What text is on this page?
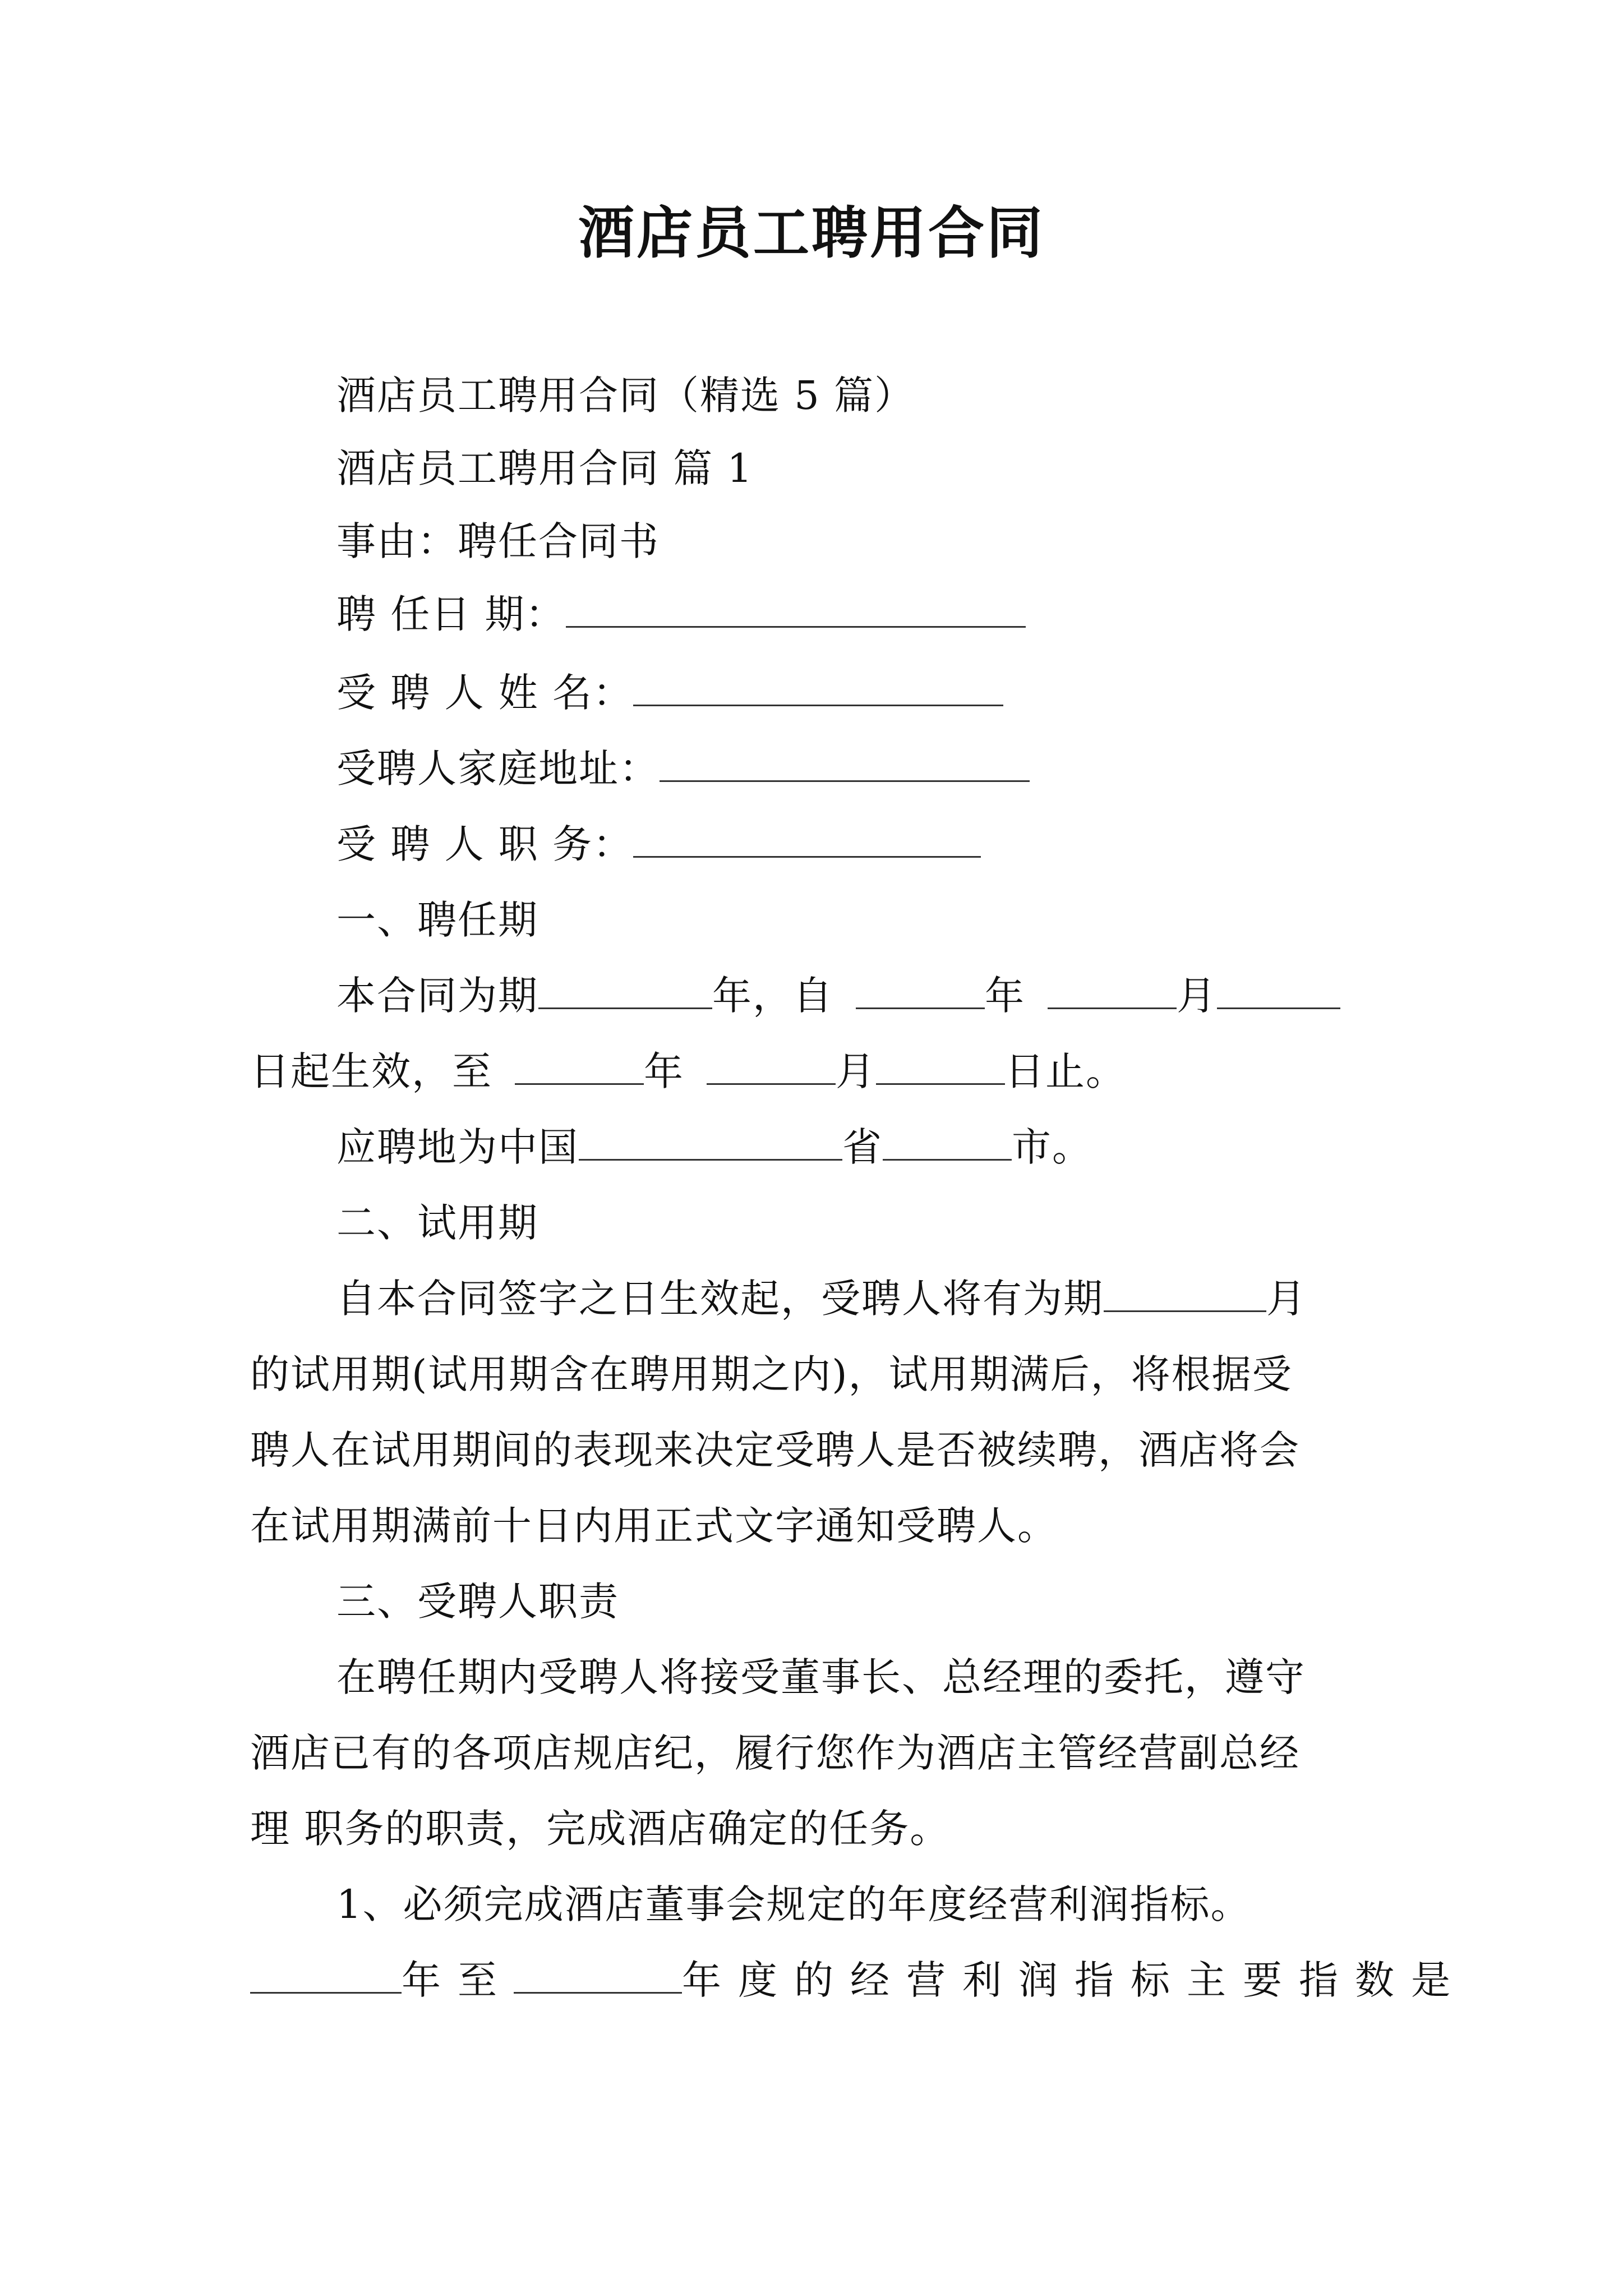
酒店员工聘用合同
酒店员工聘用合同（精选 5 篇）
酒店员工聘用合同 篇 1
事由：聘任合同书
聘 任日 期：
受 聘 人 姓 名：
受聘人家庭地址：
受 聘 人 职 务：
一、聘任期
本合同为期	年，自	年	月
日起生效，至	年	月	日止。
应聘地为中国	省	市。
二、试用期
自本合同签字之日生效起，受聘人将有为期	月
的试用期(试用期含在聘用期之内)，试用期满后，将根据受
聘人在试用期间的表现来决定受聘人是否被续聘，酒店将会
在试用期满前十日内用正式文字通知受聘人。
三、受聘人职责
在聘任期内受聘人将接受董事长、总经理的委托，遵守
酒店已有的各项店规店纪，履行您作为酒店主管经营副总经
理 职务的职责，完成酒店确定的任务。
1、必须完成酒店董事会规定的年度经营利润指标。
年至	年度的经营利润指标主要指数是
